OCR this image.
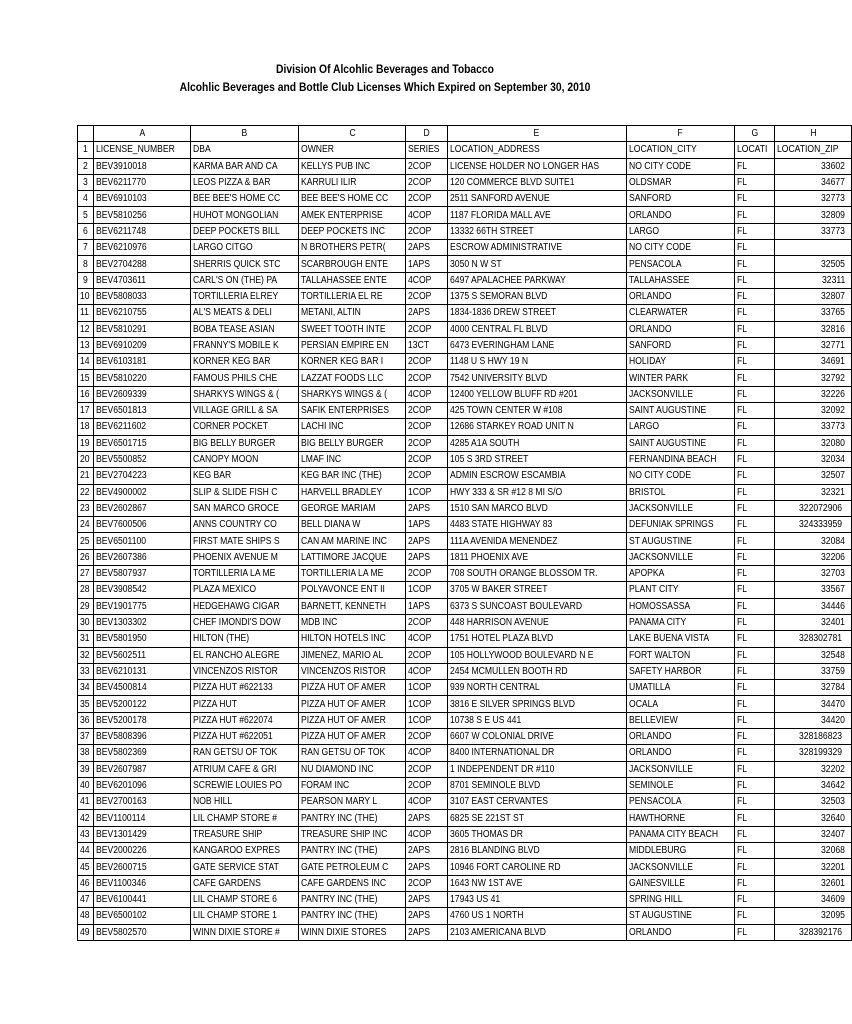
Division Of Alcohlic Beverages and Tobacco
Alcohlic Beverages and Bottle Club Licenses Which Expired on September 30, 2010
	A	B	C	D	E	F	G	H
1	LICENSE_NUMBER	DBA	OWNER	SERIES	LOCATION_ADDRESS	LOCATION_CITY	LOCATI	LOCATION_ZIP
2	BEV3910018	KARMA BAR AND CA	KELLYS PUB INC	2COP	LICENSE HOLDER NO LONGER HAS	NO CITY CODE	FL	33602
3	BEV6211770	LEOS PIZZA & BAR	KARRULI ILIR	2COP	120 COMMERCE BLVD SUITE1	OLDSMAR	FL	34677
4	BEV6910103	BEE BEE'S HOME CC	BEE BEE'S HOME CC	2COP	2511 SANFORD AVENUE	SANFORD	FL	32773
5	BEV5810256	HUHOT MONGOLIAN	AMEK ENTERPRISE	4COP	1187 FLORIDA MALL AVE	ORLANDO	FL	32809
6	BEV6211748	DEEP POCKETS BILL	DEEP POCKETS INC	2COP	13332 66TH STREET	LARGO	FL	33773
7	BEV6210976	LARGO CITGO	N BROTHERS PETR(	2APS	ESCROW ADMINISTRATIVE	NO CITY CODE	FL	
8	BEV2704288	SHERRIS QUICK STC	SCARBROUGH ENTE	1APS	3050 N W ST	PENSACOLA	FL	32505
9	BEV4703611	CARL'S ON (THE) PA	TALLAHASSEE ENTE	4COP	6497 APALACHEE PARKWAY	TALLAHASSEE	FL	32311
10	BEV5808033	TORTILLERIA ELREY	TORTILLERIA EL RE	2COP	1375 S SEMORAN BLVD	ORLANDO	FL	32807
11	BEV6210755	AL'S MEATS & DELI	METANI, ALTIN	2APS	1834-1836 DREW STREET	CLEARWATER	FL	33765
12	BEV5810291	BOBA TEASE ASIAN	SWEET TOOTH INTE	2COP	4000 CENTRAL FL BLVD	ORLANDO	FL	32816
13	BEV6910209	FRANNY'S MOBILE K	PERSIAN EMPIRE EN	13CT	6473 EVERINGHAM LANE	SANFORD	FL	32771
14	BEV6103181	KORNER KEG BAR	KORNER KEG BAR I	2COP	1148 U S HWY 19 N	HOLIDAY	FL	34691
15	BEV5810220	FAMOUS PHILS CHE	LAZZAT FOODS LLC	2COP	7542 UNIVERSITY BLVD	WINTER PARK	FL	32792
16	BEV2609339	SHARKYS WINGS & (	SHARKYS WINGS & (	4COP	12400 YELLOW BLUFF RD #201	JACKSONVILLE	FL	32226
17	BEV6501813	VILLAGE GRILL & SA	SAFIK ENTERPRISES	2COP	425 TOWN CENTER W #108	SAINT AUGUSTINE	FL	32092
18	BEV6211602	CORNER POCKET	LACHI INC	2COP	12686 STARKEY ROAD UNIT N	LARGO	FL	33773
19	BEV6501715	BIG BELLY BURGER	BIG BELLY BURGER	2COP	4285 A1A SOUTH	SAINT AUGUSTINE	FL	32080
20	BEV5500852	CANOPY MOON	LMAF INC	2COP	105 S 3RD STREET	FERNANDINA BEACH	FL	32034
21	BEV2704223	KEG BAR	KEG BAR INC (THE)	2COP	ADMIN ESCROW ESCAMBIA	NO CITY CODE	FL	32507
22	BEV4900002	SLIP & SLIDE FISH C	HARVELL BRADLEY	1COP	HWY 333 & SR #12 8 MI S/O	BRISTOL	FL	32321
23	BEV2602867	SAN MARCO GROCE	GEORGE MARIAM	2APS	1510 SAN MARCO BLVD	JACKSONVILLE	FL	322072906
24	BEV7600506	ANNS COUNTRY CO	BELL DIANA W	1APS	4483 STATE HIGHWAY 83	DEFUNIAK SPRINGS	FL	324333959
25	BEV6501100	FIRST MATE SHIPS S	CAN AM MARINE INC	2APS	111A AVENIDA MENENDEZ	ST AUGUSTINE	FL	32084
26	BEV2607386	PHOENIX AVENUE M	LATTIMORE JACQUE	2APS	1811 PHOENIX AVE	JACKSONVILLE	FL	32206
27	BEV5807937	TORTILLERIA LA ME	TORTILLERIA LA ME	2COP	708 SOUTH ORANGE BLOSSOM TR.	APOPKA	FL	32703
28	BEV3908542	PLAZA MEXICO	POLYAVONCE ENT II	1COP	3705 W BAKER STREET	PLANT CITY	FL	33567
29	BEV1901775	HEDGEHAWG CIGAR	BARNETT, KENNETH	1APS	6373 S SUNCOAST BOULEVARD	HOMOSSASSA	FL	34446
30	BEV1303302	CHEF IMONDI'S DOW	MDB INC	2COP	448 HARRISON AVENUE	PANAMA CITY	FL	32401
31	BEV5801950	HILTON (THE)	HILTON HOTELS INC	4COP	1751 HOTEL PLAZA BLVD	LAKE BUENA VISTA	FL	328302781
32	BEV5602511	EL RANCHO ALEGRE	JIMENEZ, MARIO AL	2COP	105 HOLLYWOOD BOULEVARD N E	FORT WALTON	FL	32548
33	BEV6210131	VINCENZOS RISTOR	VINCENZOS RISTOR	4COP	2454 MCMULLEN BOOTH RD	SAFETY HARBOR	FL	33759
34	BEV4500814	PIZZA HUT #622133	PIZZA HUT OF AMER	1COP	939 NORTH CENTRAL	UMATILLA	FL	32784
35	BEV5200122	PIZZA HUT	PIZZA HUT OF AMER	1COP	3816 E SILVER SPRINGS BLVD	OCALA	FL	34470
36	BEV5200178	PIZZA HUT #622074	PIZZA HUT OF AMER	1COP	10738 S E US 441	BELLEVIEW	FL	34420
37	BEV5808396	PIZZA HUT #622051	PIZZA HUT OF AMER	2COP	6607 W COLONIAL DRIVE	ORLANDO	FL	328186823
38	BEV5802369	RAN GETSU OF TOK	RAN GETSU OF TOK	4COP	8400 INTERNATIONAL DR	ORLANDO	FL	328199329
39	BEV2607987	ATRIUM CAFE & GRI	NU DIAMOND INC	2COP	1 INDEPENDENT DR #110	JACKSONVILLE	FL	32202
40	BEV6201096	SCREWIE LOUIES PO	FORAM INC	2COP	8701 SEMINOLE BLVD	SEMINOLE	FL	34642
41	BEV2700163	NOB HILL	PEARSON MARY L	4COP	3107 EAST CERVANTES	PENSACOLA	FL	32503
42	BEV1100114	LIL CHAMP STORE #	PANTRY INC (THE)	2APS	6825 SE 221ST ST	HAWTHORNE	FL	32640
43	BEV1301429	TREASURE SHIP	TREASURE SHIP INC	4COP	3605 THOMAS DR	PANAMA CITY BEACH	FL	32407
44	BEV2000226	KANGAROO EXPRES	PANTRY INC (THE)	2APS	2816 BLANDING BLVD	MIDDLEBURG	FL	32068
45	BEV2600715	GATE SERVICE STAT	GATE PETROLEUM C	2APS	10946 FORT CAROLINE RD	JACKSONVILLE	FL	32201
46	BEV1100346	CAFE GARDENS	CAFE GARDENS INC	2COP	1643 NW 1ST AVE	GAINESVILLE	FL	32601
47	BEV6100441	LIL CHAMP STORE 6	PANTRY INC (THE)	2APS	17943 US 41	SPRING HILL	FL	34609
48	BEV6500102	LIL CHAMP STORE 1	PANTRY INC (THE)	2APS	4760 US 1 NORTH	ST AUGUSTINE	FL	32095
49	BEV5802570	WINN DIXIE STORE #	WINN DIXIE STORES	2APS	2103 AMERICANA BLVD	ORLANDO	FL	328392176
